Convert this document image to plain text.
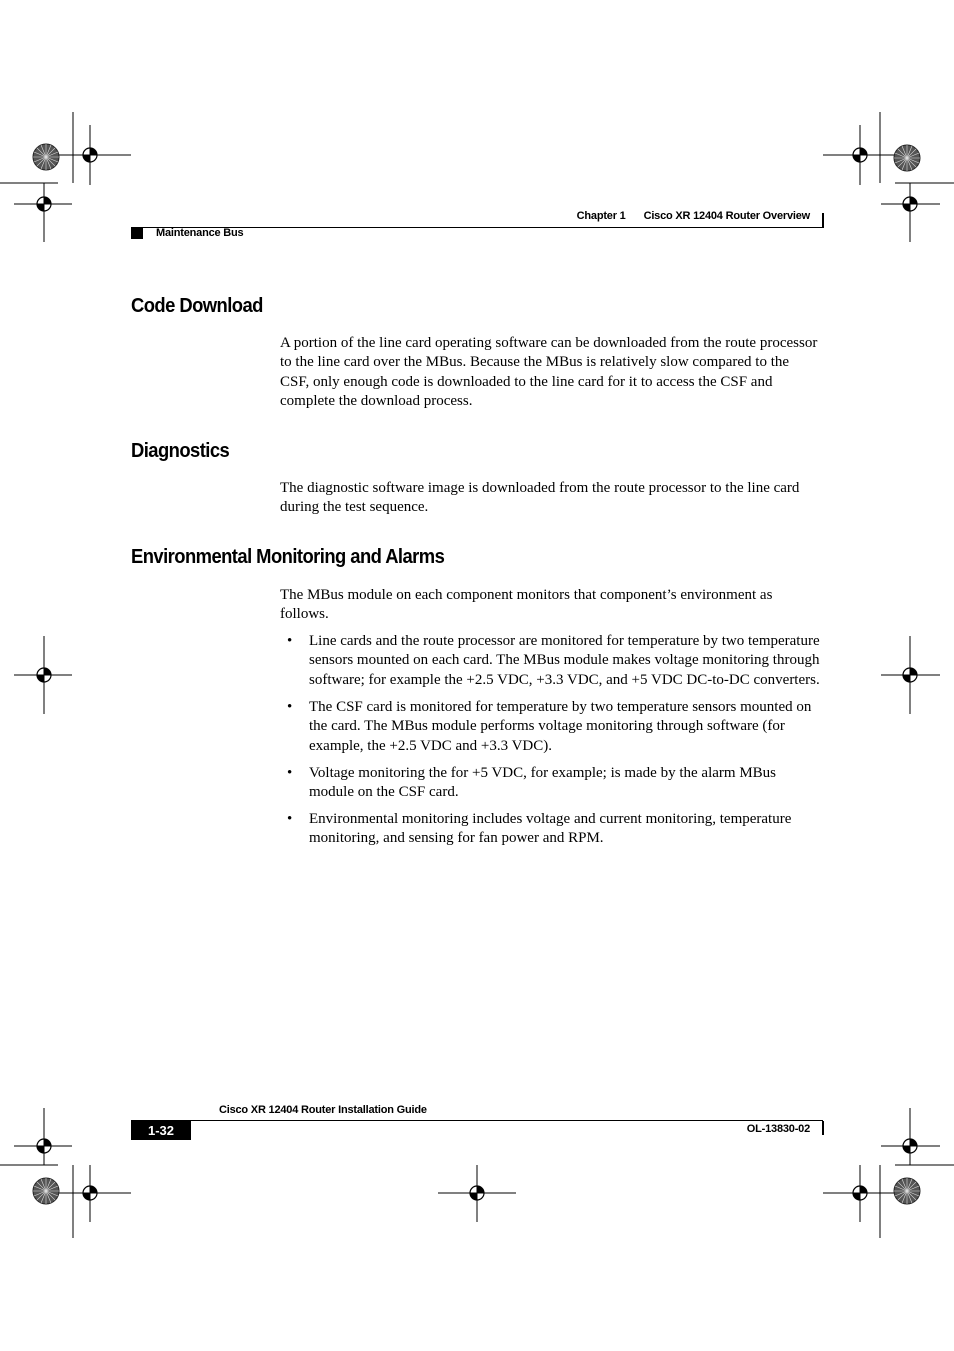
Chapter 1 Cisco XR 12404 Router Overview
Maintenance Bus
Code Download

A portion of the line card operating software can be downloaded from the route processor to the line card over the MBus. Because the MBus is relatively slow compared to the CSF, only enough code is downloaded to the line card for it to access the CSF and complete the download process.

Diagnostics

The diagnostic software image is downloaded from the route processor to the line card during the test sequence.

Environmental Monitoring and Alarms

The MBus module on each component monitors that component’s environment as follows.

• Line cards and the route processor are monitored for temperature by two temperature sensors mounted on each card. The MBus module makes voltage monitoring through software; for example the +2.5 VDC, +3.3 VDC, and +5 VDC DC-to-DC converters.
• The CSF card is monitored for temperature by two temperature sensors mounted on the card. The MBus module performs voltage monitoring through software (for example, the +2.5 VDC and +3.3 VDC).
• Voltage monitoring the for +5 VDC, for example; is made by the alarm MBus module on the CSF card.
• Environmental monitoring includes voltage and current monitoring, temperature monitoring, and sensing for fan power and RPM.
Cisco XR 12404 Router Installation Guide
1-32	OL-13830-02
